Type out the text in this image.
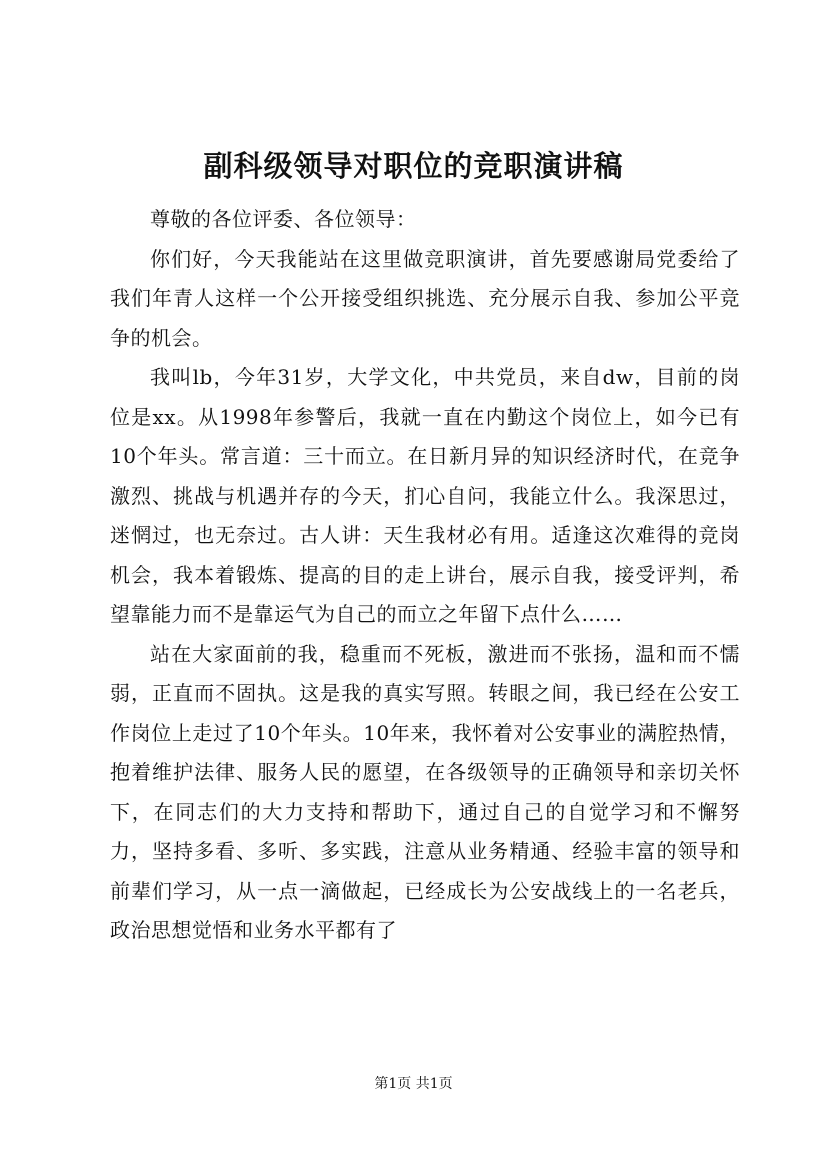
副科级领导对职位的竞职演讲稿

尊敬的各位评委、各位领导：

你们好，今天我能站在这里做竞职演讲，首先要感谢局党委给了我们年青人这样一个公开接受组织挑选、充分展示自我、参加公平竞争的机会。

我叫lb，今年31岁，大学文化，中共党员，来自dw，目前的岗位是xx。从1998年参警后，我就一直在内勤这个岗位上，如今已有10个年头。常言道：三十而立。在日新月异的知识经济时代，在竞争激烈、挑战与机遇并存的今天，扪心自问，我能立什么。我深思过，迷惘过，也无奈过。古人讲：天生我材必有用。适逢这次难得的竞岗机会，我本着锻炼、提高的目的走上讲台，展示自我，接受评判，希望靠能力而不是靠运气为自己的而立之年留下点什么……

站在大家面前的我，稳重而不死板，激进而不张扬，温和而不懦弱，正直而不固执。这是我的真实写照。转眼之间，我已经在公安工作岗位上走过了10个年头。10年来，我怀着对公安事业的满腔热情，抱着维护法律、服务人民的愿望，在各级领导的正确领导和亲切关怀下，在同志们的大力支持和帮助下，通过自己的自觉学习和不懈努力，坚持多看、多听、多实践，注意从业务精通、经验丰富的领导和前辈们学习，从一点一滴做起，已经成长为公安战线上的一名老兵，政治思想觉悟和业务水平都有了

第1页 共1页
